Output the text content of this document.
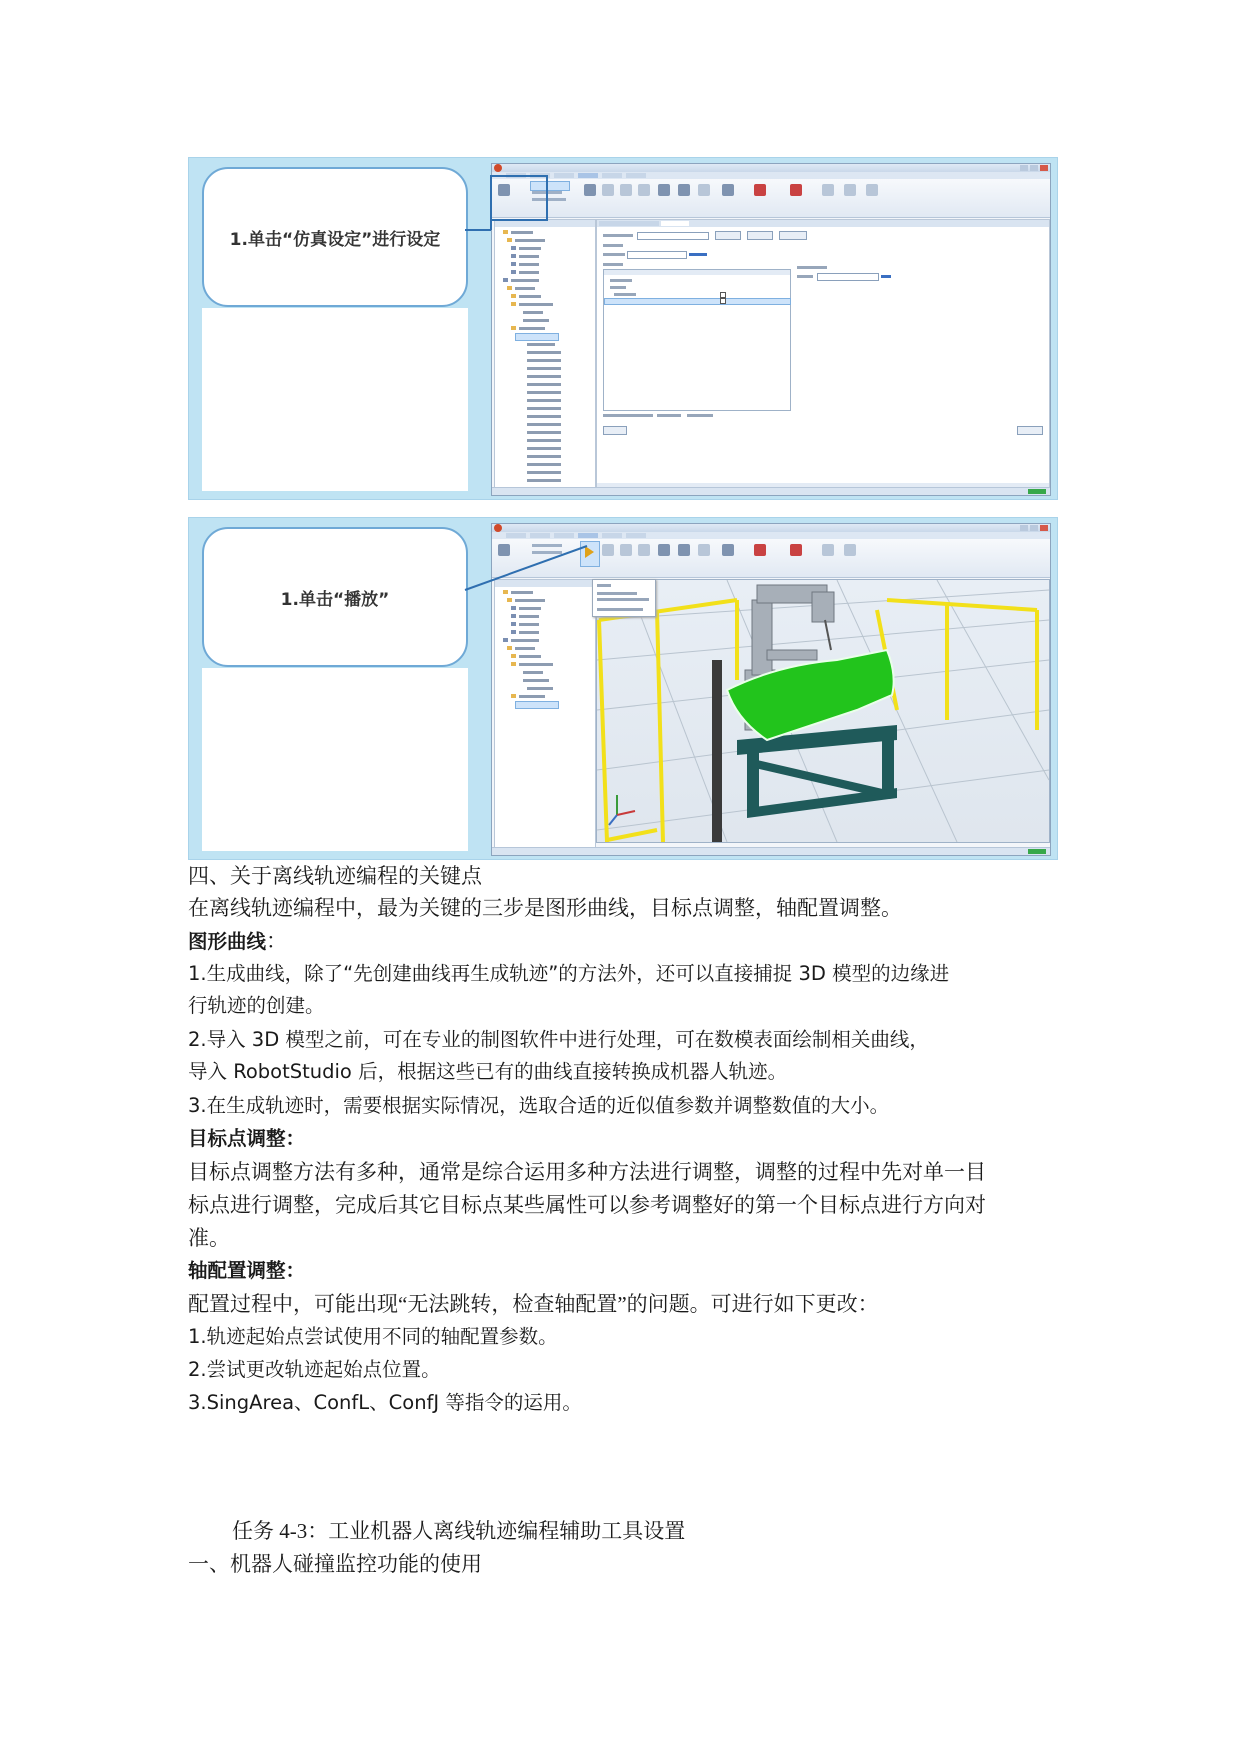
1.单击“仿真设定”进行设定
1.单击“播放”
四、关于离线轨迹编程的关键点
在离线轨迹编程中，最为关键的三步是图形曲线，目标点调整，轴配置调整。
图形曲线：
1.生成曲线，除了“先创建曲线再生成轨迹”的方法外，还可以直接捕捉 3D 模型的边缘进
行轨迹的创建。
2.导入 3D 模型之前，可在专业的制图软件中进行处理，可在数模表面绘制相关曲线，
导入 RobotStudio 后，根据这些已有的曲线直接转换成机器人轨迹。
3.在生成轨迹时，需要根据实际情况，选取合适的近似值参数并调整数值的大小。
目标点调整：
目标点调整方法有多种，通常是综合运用多种方法进行调整，调整的过程中先对单一目
标点进行调整，完成后其它目标点某些属性可以参考调整好的第一个目标点进行方向对
准。
轴配置调整：
配置过程中，可能出现“无法跳转，检查轴配置”的问题。可进行如下更改：
1.轨迹起始点尝试使用不同的轴配置参数。
2.尝试更改轨迹起始点位置。
3.SingArea、ConfL、ConfJ 等指令的运用。
任务 4-3：工业机器人离线轨迹编程辅助工具设置
一、机器人碰撞监控功能的使用
